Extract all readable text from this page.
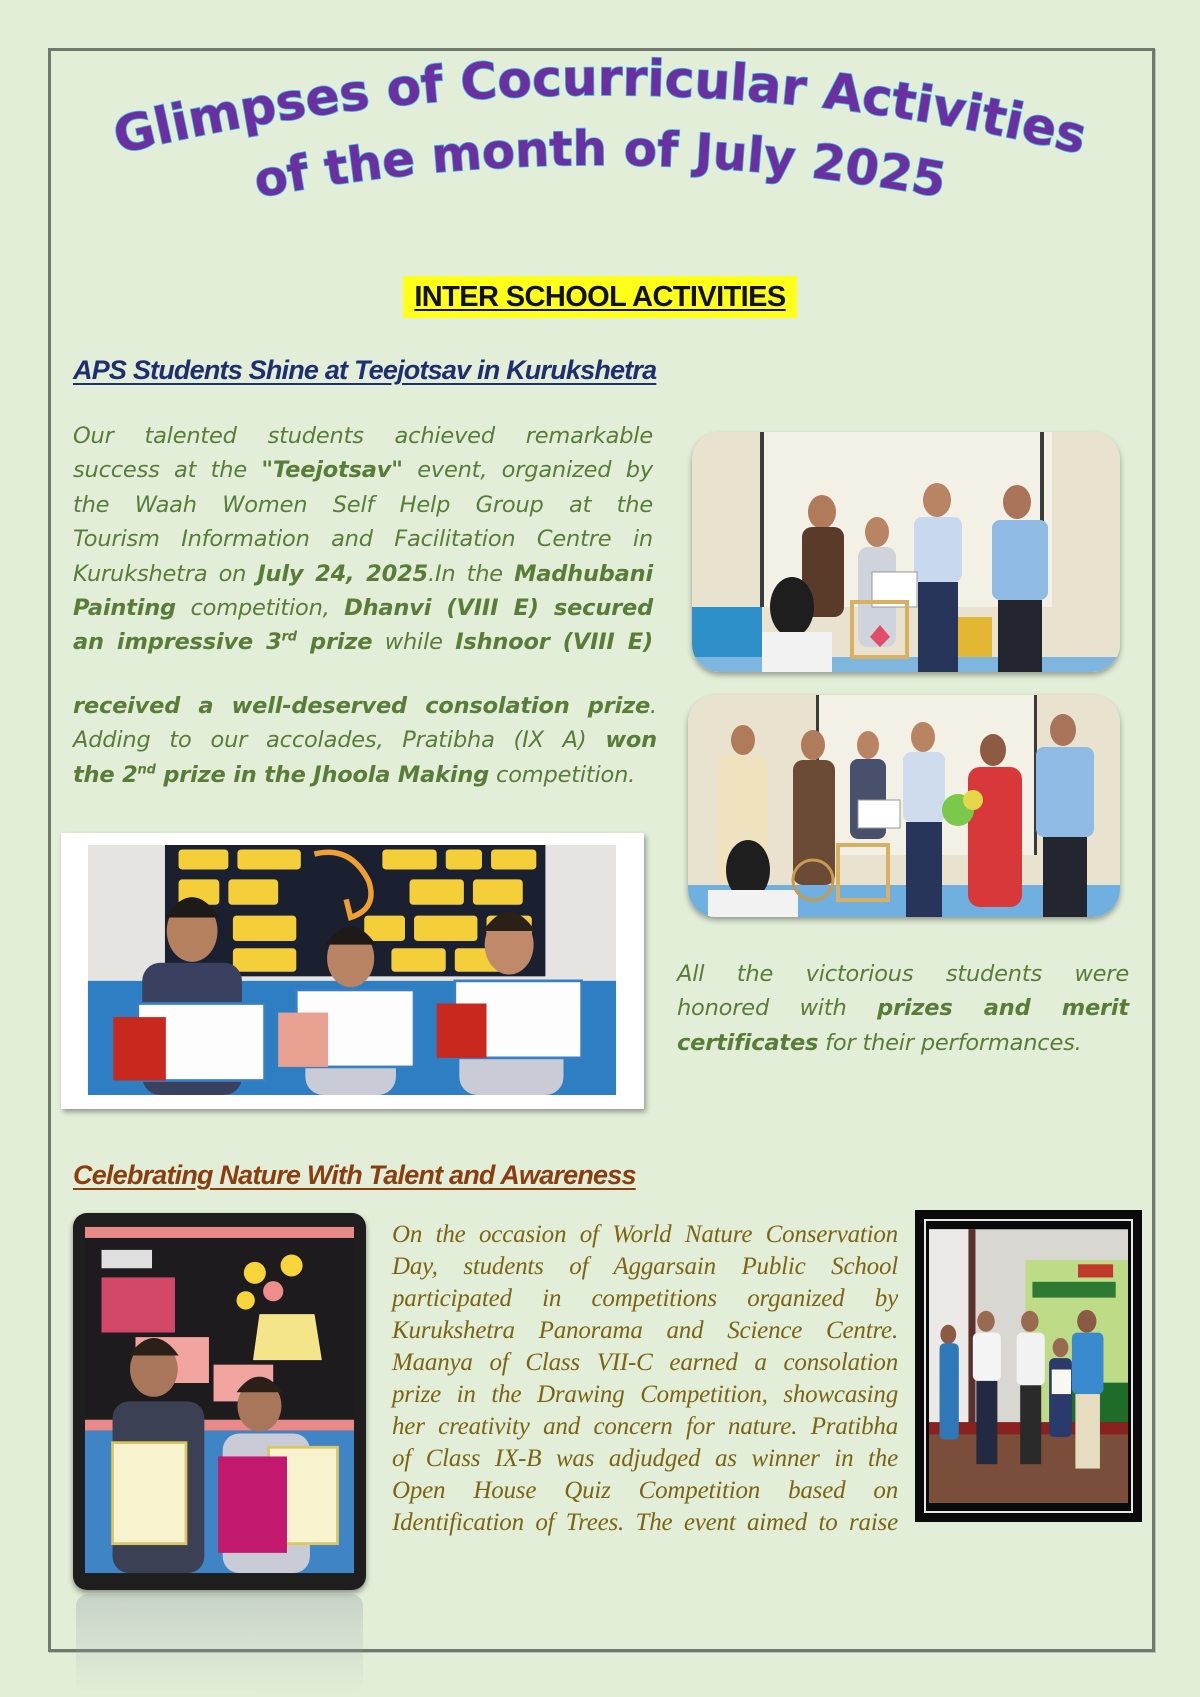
Glimpses of Cocurricular Activities
of the month of July 2025
INTER SCHOOL ACTIVITIES
APS Students Shine at Teejotsav in Kurukshetra
Our talented students achieved remarkable
success at the "Teejotsav" event, organized by
the Waah Women Self Help Group at the
Tourism Information and Facilitation Centre in
Kurukshetra on July 24, 2025.In the Madhubani
Painting competition, Dhanvi (VIII E) secured
an impressive 3rd prize while Ishnoor (VIII E)
received a well-deserved consolation prize.
Adding to our accolades, Pratibha (IX A) won
the 2nd prize in the Jhoola Making competition.
All the victorious students were
honored with prizes and merit
certificates for their performances.
Celebrating Nature With Talent and Awareness
On the occasion of World Nature Conservation
Day, students of Aggarsain Public School
participated in competitions organized by
Kurukshetra Panorama and Science Centre.
Maanya of Class VII-C earned a consolation
prize in the Drawing Competition, showcasing
her creativity and concern for nature. Pratibha
of Class IX-B was adjudged as winner in the
Open House Quiz Competition based on
Identification of Trees. The event aimed to raise
